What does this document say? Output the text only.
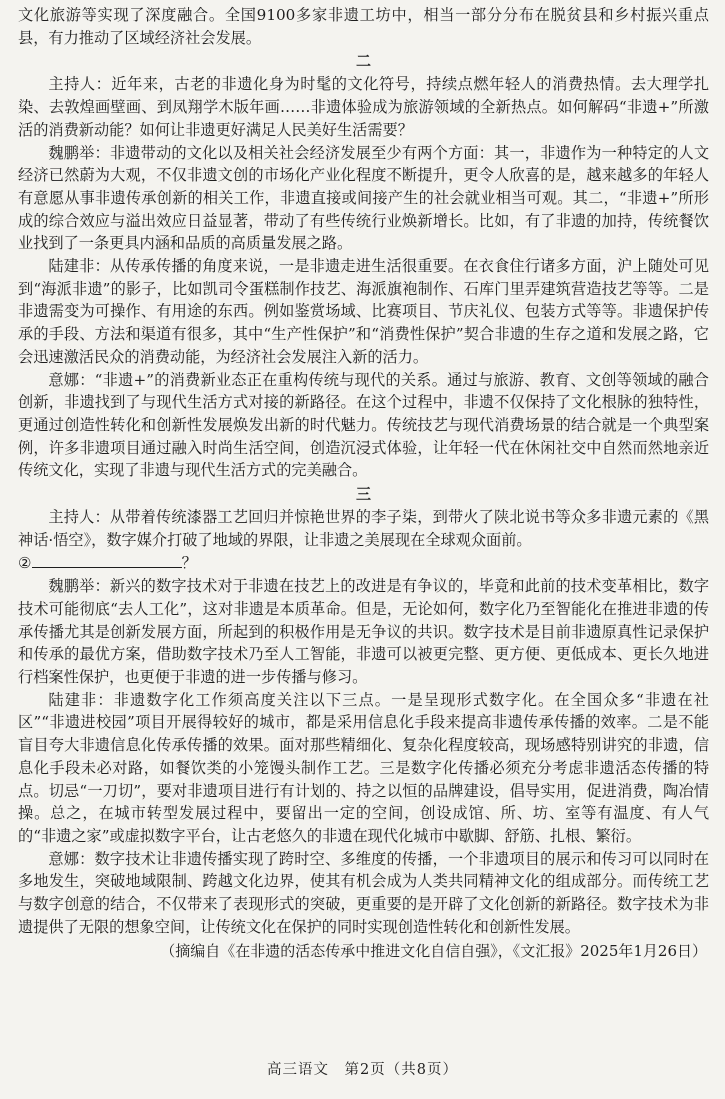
文化旅游等实现了深度融合。全国9100多家非遗工坊中，相当一部分分布在脱贫县和乡村振兴重点县，有力推动了区域经济社会发展。

二

主持人：近年来，古老的非遗化身为时髦的文化符号，持续点燃年轻人的消费热情。去大理学扎染、去敦煌画壁画、到凤翔学木版年画……非遗体验成为旅游领域的全新热点。如何解码“非遗+”所激活的消费新动能？如何让非遗更好满足人民美好生活需要？

魏鹏举：非遗带动的文化以及相关社会经济发展至少有两个方面：其一，非遗作为一种特定的人文经济已然蔚为大观，不仅非遗文创的市场化产业化程度不断提升，更令人欣喜的是，越来越多的年轻人有意愿从事非遗传承创新的相关工作，非遗直接或间接产生的社会就业相当可观。其二，“非遗+”所形成的综合效应与溢出效应日益显著，带动了有些传统行业焕新增长。比如，有了非遗的加持，传统餐饮业找到了一条更具内涵和品质的高质量发展之路。

陆建非：从传承传播的角度来说，一是非遗走进生活很重要。在衣食住行诸多方面，沪上随处可见到“海派非遗”的影子，比如凯司令蛋糕制作技艺、海派旗袍制作、石库门里弄建筑营造技艺等等。二是非遗需变为可操作、有用途的东西。例如鉴赏场域、比赛项目、节庆礼仪、包装方式等等。非遗保护传承的手段、方法和渠道有很多，其中“生产性保护”和“消费性保护”契合非遗的生存之道和发展之路，它会迅速激活民众的消费动能，为经济社会发展注入新的活力。

意娜：“非遗+”的消费新业态正在重构传统与现代的关系。通过与旅游、教育、文创等领域的融合创新，非遗找到了与现代生活方式对接的新路径。在这个过程中，非遗不仅保持了文化根脉的独特性，更通过创造性转化和创新性发展焕发出新的时代魅力。传统技艺与现代消费场景的结合就是一个典型案例，许多非遗项目通过融入时尚生活空间，创造沉浸式体验，让年轻一代在休闲社交中自然而然地亲近传统文化，实现了非遗与现代生活方式的完美融合。

三

主持人：从带着传统漆器工艺回归并惊艳世界的李子柒，到带火了陕北说书等众多非遗元素的《黑神话·悟空》，数字媒介打破了地域的界限，让非遗之美展现在全球观众面前。

②	？

魏鹏举：新兴的数字技术对于非遗在技艺上的改进是有争议的，毕竟和此前的技术变革相比，数字技术可能彻底“去人工化”，这对非遗是本质革命。但是，无论如何，数字化乃至智能化在推进非遗的传承传播尤其是创新发展方面，所起到的积极作用是无争议的共识。数字技术是目前非遗原真性记录保护和传承的最优方案，借助数字技术乃至人工智能，非遗可以被更完整、更方便、更低成本、更长久地进行档案性保护，也更便于非遗的进一步传播与修习。

陆建非：非遗数字化工作须高度关注以下三点。一是呈现形式数字化。在全国众多“非遗在社区”“非遗进校园”项目开展得较好的城市，都是采用信息化手段来提高非遗传承传播的效率。二是不能盲目夸大非遗信息化传承传播的效果。面对那些精细化、复杂化程度较高，现场感特别讲究的非遗，信息化手段未必对路，如餐饮类的小笼馒头制作工艺。三是数字化传播必须充分考虑非遗活态传播的特点。切忌“一刀切”，要对非遗项目进行有计划的、持之以恒的品牌建设，倡导实用，促进消费，陶冶情操。总之，在城市转型发展过程中，要留出一定的空间，创设成馆、所、坊、室等有温度、有人气的“非遗之家”或虚拟数字平台，让古老悠久的非遗在现代化城市中歇脚、舒筋、扎根、繁衍。

意娜：数字技术让非遗传播实现了跨时空、多维度的传播，一个非遗项目的展示和传习可以同时在多地发生，突破地域限制、跨越文化边界，使其有机会成为人类共同精神文化的组成部分。而传统工艺与数字创意的结合，不仅带来了表现形式的突破，更重要的是开辟了文化创新的新路径。数字技术为非遗提供了无限的想象空间，让传统文化在保护的同时实现创造性转化和创新性发展。

（摘编自《在非遗的活态传承中推进文化自信自强》，《文汇报》2025年1月26日）
高三语文　第2页（共8页）
